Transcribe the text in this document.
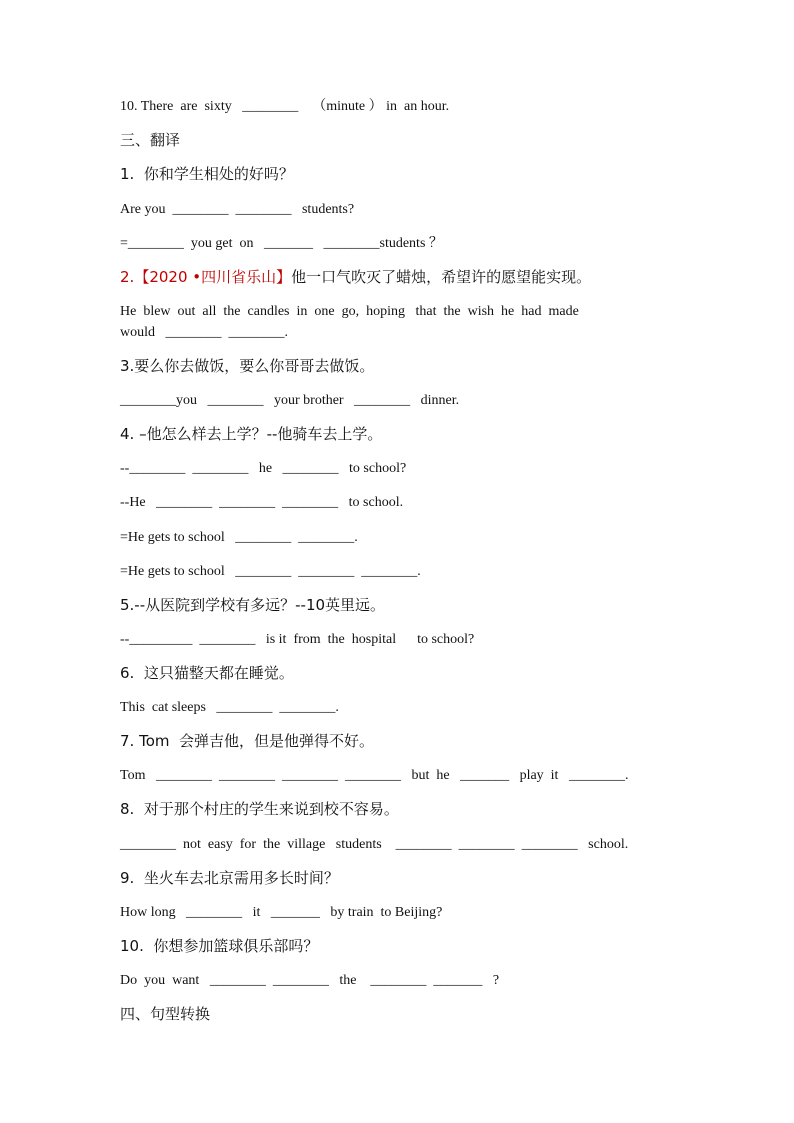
10. There  are  sixty   ________    （minute ） in  an hour.
三、翻译
1.  你和学生相处的好吗？
Are you  ________  ________   students?
=________  you get  on   _______   ________students ？
2.【2020 •四川省乐山】他一口气吹灭了蜡烛，希望许的愿望能实现。
He  blew  out  all  the  candles  in  one  go,  hoping   that  the  wish  he  had  made
would   ________  ________.
3.要么你去做饭，要么你哥哥去做饭。
________you   ________   your brother   ________   dinner.
4. –他怎么样去上学？--他骑车去上学。
--________  ________   he   ________   to school?
--He   ________  ________  ________   to school.
=He gets to school   ________  ________.
=He gets to school   ________  ________  ________.
5.--从医院到学校有多远？--10英里远。
--_________  ________   is it  from  the  hospital      to school?
6.  这只猫整天都在睡觉。
This  cat sleeps   ________  ________.
7. Tom  会弹吉他，但是他弹得不好。
Tom   ________  ________  ________  ________   but  he   _______   play  it   ________.
8.  对于那个村庄的学生来说到校不容易。
________  not  easy  for  the  village   students    ________  ________  ________   school.
9.  坐火车去北京需用多长时间？
How long   ________   it   _______   by train  to Beijing?
10.  你想参加篮球俱乐部吗？
Do  you  want   ________  ________   the    ________  _______   ?
四、句型转换
